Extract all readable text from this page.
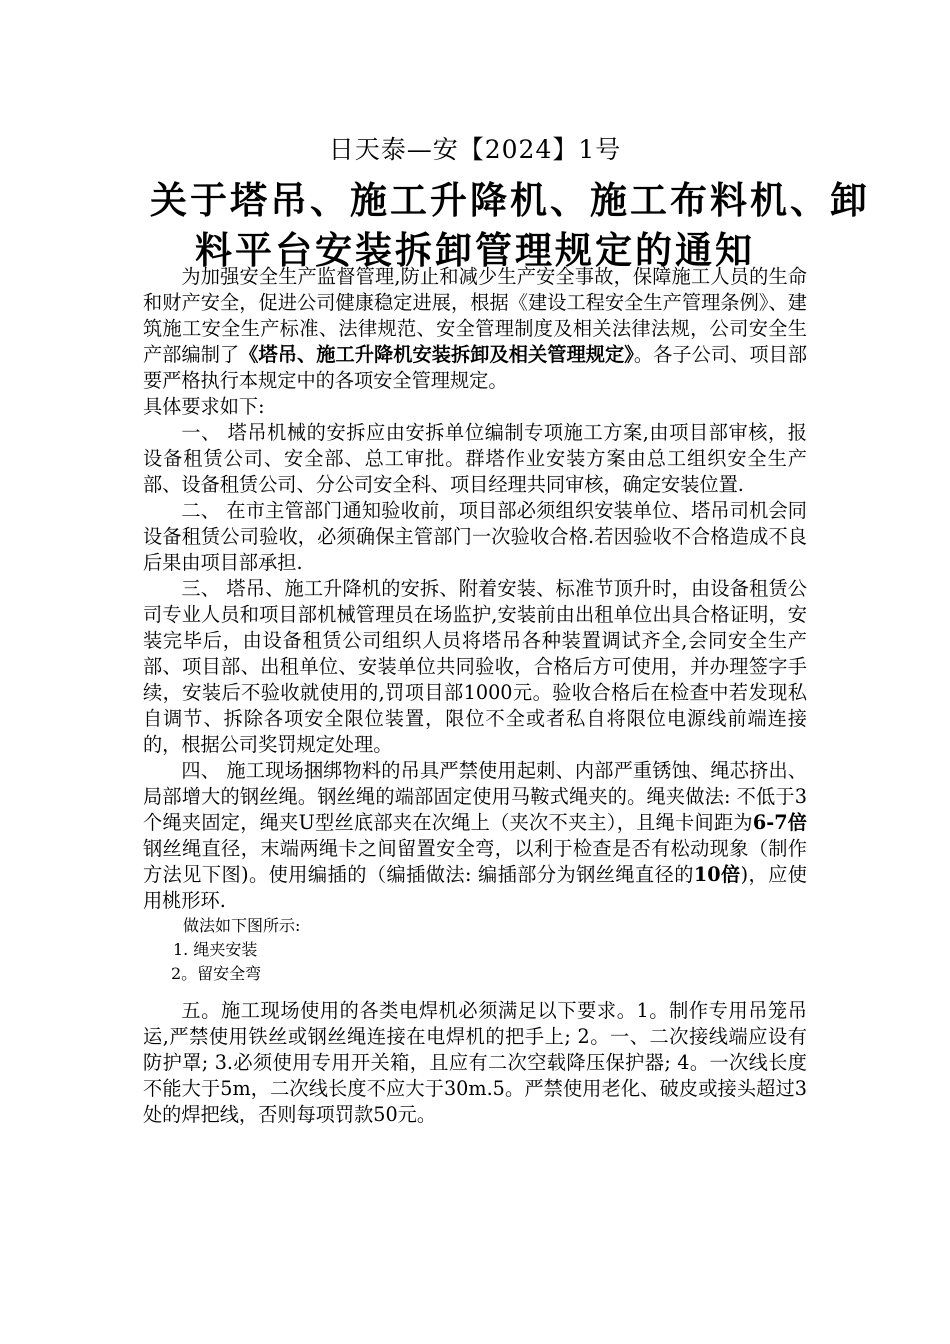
日天泰—安【2024】1号
关于塔吊、施工升降机、施工布料机、卸
料平台安装拆卸管理规定的通知

为加强安全生产监督管理,防止和减少生产安全事故，保障施工人员的生命和财产安全，促进公司健康稳定进展，根据《建设工程安全生产管理条例》、建筑施工安全生产标准、法律规范、安全管理制度及相关法律法规，公司安全生产部编制了《塔吊、施工升降机安装拆卸及相关管理规定》。各子公司、项目部要严格执行本规定中的各项安全管理规定。

具体要求如下:

一、 塔吊机械的安拆应由安拆单位编制专项施工方案,由项目部审核，报设备租赁公司、安全部、总工审批。群塔作业安装方案由总工组织安全生产部、设备租赁公司、分公司安全科、项目经理共同审核，确定安装位置.

二、 在市主管部门通知验收前，项目部必须组织安装单位、塔吊司机会同设备租赁公司验收，必须确保主管部门一次验收合格.若因验收不合格造成不良后果由项目部承担.

三、 塔吊、施工升降机的安拆、附着安装、标准节顶升时，由设备租赁公司专业人员和项目部机械管理员在场监护,安装前由出租单位出具合格证明，安装完毕后，由设备租赁公司组织人员将塔吊各种装置调试齐全,会同安全生产部、项目部、出租单位、安装单位共同验收，合格后方可使用，并办理签字手续，安装后不验收就使用的,罚项目部1000元。验收合格后在检查中若发现私自调节、拆除各项安全限位装置，限位不全或者私自将限位电源线前端连接的，根据公司奖罚规定处理。

四、 施工现场捆绑物料的吊具严禁使用起刺、内部严重锈蚀、绳芯挤出、局部增大的钢丝绳。钢丝绳的端部固定使用马鞍式绳夹的。绳夹做法: 不低于3个绳夹固定，绳夹U型丝底部夹在次绳上（夹次不夹主），且绳卡间距为6-7倍钢丝绳直径，末端两绳卡之间留置安全弯，以利于检查是否有松动现象（制作方法见下图)。使用编插的（编插做法: 编插部分为钢丝绳直径的10倍)，应使用桃形环.

做法如下图所示:

1. 绳夹安装

2。留安全弯

五。施工现场使用的各类电焊机必须满足以下要求。1。制作专用吊笼吊运,严禁使用铁丝或钢丝绳连接在电焊机的把手上; 2。一、二次接线端应设有防护罩; 3.必须使用专用开关箱，且应有二次空载降压保护器; 4。一次线长度不能大于5m，二次线长度不应大于30m.5。严禁使用老化、破皮或接头超过3处的焊把线，否则每项罚款50元。
